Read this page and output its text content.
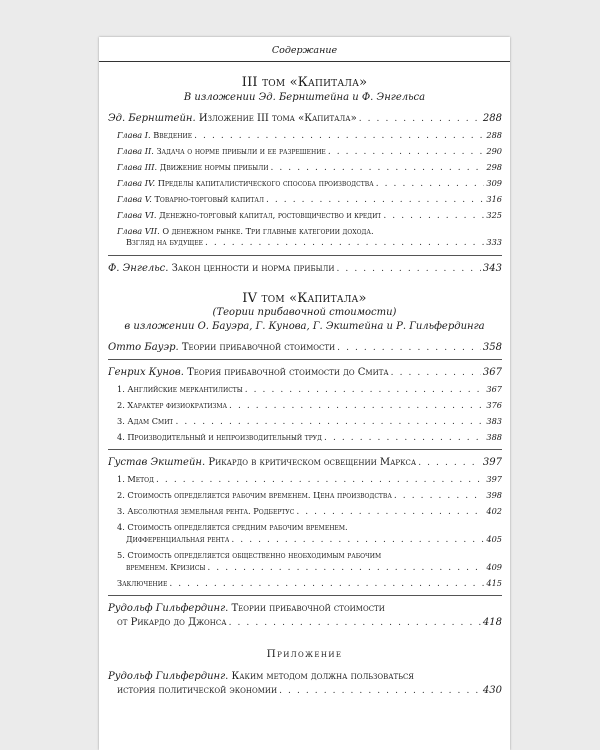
Содержание
III том «Капитала»
В изложении Эд. Бернштейна и Ф. Энгельса
Эд. Бернштейн. Изложение III тома «Капитала» . . .	288
Глава I. Введение . . .	288
Глава II. Задача о норме прибыли и ее разрешение . . .	290
Глава III. Движение нормы прибыли . . .	298
Глава IV. Пределы капиталистического способа производства . . .	309
Глава V. Товарно-торговый капитал . . .	316
Глава VI. Денежно-торговый капитал, ростовщичество и кредит . . .	325
Глава VII. О денежном рынке. Три главные категории дохода.
Взгляд на будущее . . .	333
Ф. Энгельс. Закон ценности и норма прибыли . . .	343
IV том «Капитала»
(Теории прибавочной стоимости)
в изложении О. Бауэра, Г. Кунова, Г. Экштейна и Р. Гильфердинга
Отто Бауэр. Теории прибавочной стоимости . . .	358
Генрих Кунов. Теория прибавочной стоимости до Смита . . .	367
1. Английские меркантилисты . . .	367
2. Характер физиократизма . . .	376
3. Адам Смит . . .	383
4. Производительный и непроизводительный труд . . .	388
Густав Экштейн. Рикардо в критическом освещении Маркса . . .	397
1. Метод . . .	397
2. Стоимость определяется рабочим временем. Цена производства . . .	398
3. Абсолютная земельная рента. Родбертус . . .	402
4. Стоимость определяется средним рабочим временем.
Дифференциальная рента . . .	405
5. Стоимость определяется общественно необходимым рабочим
временем. Кризисы . . .	409
Заключение . . .	415
Рудольф Гильфердинг. Теории прибавочной стоимости
от Рикардо до Джонса . . .	418
Приложение
Рудольф Гильфердинг. Каким методом должна пользоваться
история политической экономии . . .	430
